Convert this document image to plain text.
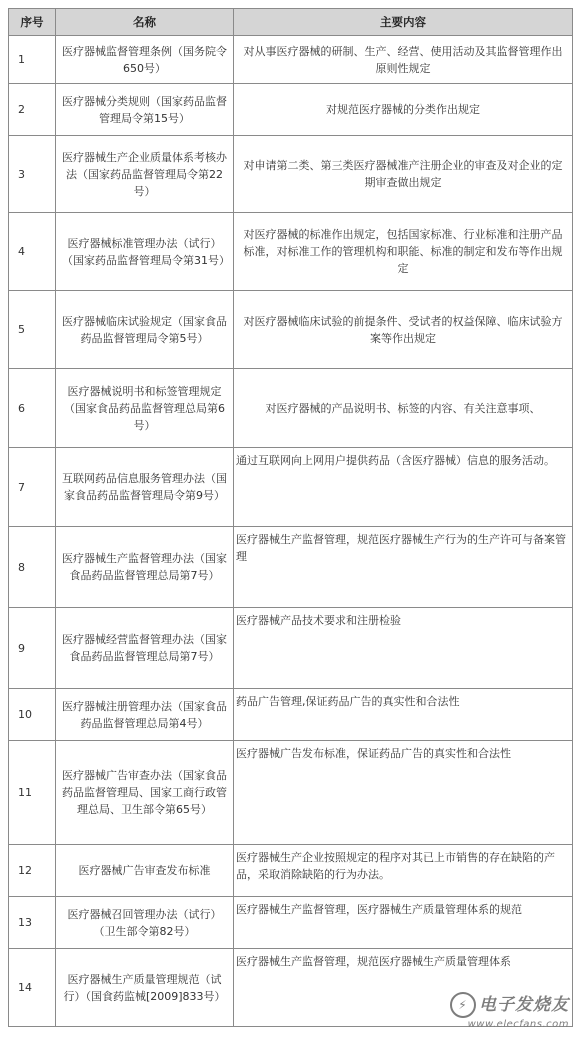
序号	名称	主要内容
1	医疗器械监督管理条例（国务院令650号）	对从事医疗器械的研制、生产、经营、使用活动及其监督管理作出原则性规定
2	医疗器械分类规则（国家药品监督管理局令第15号）	对规范医疗器械的分类作出规定
3	医疗器械生产企业质量体系考核办法（国家药品监督管理局令第22号）	对申请第二类、第三类医疗器械准产注册企业的审查及对企业的定期审查做出规定
4	医疗器械标准管理办法（试行）（国家药品监督管理局令第31号）	对医疗器械的标准作出规定，包括国家标准、行业标准和注册产品标准，对标准工作的管理机构和职能、标准的制定和发布等作出规定
5	医疗器械临床试验规定（国家食品药品监督管理局令第5号）	对医疗器械临床试验的前提条件、受试者的权益保障、临床试验方案等作出规定
6	医疗器械说明书和标签管理规定（国家食品药品监督管理总局第6号）	对医疗器械的产品说明书、标签的内容、有关注意事项、
7	互联网药品信息服务管理办法（国家食品药品监督管理局令第9号）	通过互联网向上网用户提供药品（含医疗器械）信息的服务活动。
8	医疗器械生产监督管理办法（国家食品药品监督管理总局第7号）	医疗器械生产监督管理，规范医疗器械生产行为的生产许可与备案管理
9	医疗器械经营监督管理办法（国家食品药品监督管理总局第7号）	医疗器械产品技术要求和注册检验
10	医疗器械注册管理办法（国家食品药品监督管理总局第4号）	药品广告管理,保证药品广告的真实性和合法性
11	医疗器械广告审查办法（国家食品药品监督管理局、国家工商行政管理总局、卫生部令第65号）	医疗器械广告发布标准，保证药品广告的真实性和合法性
12	医疗器械广告审查发布标准	医疗器械生产企业按照规定的程序对其已上市销售的存在缺陷的产品，采取消除缺陷的行为办法。
13	医疗器械召回管理办法（试行）（卫生部令第82号）	医疗器械生产监督管理，医疗器械生产质量管理体系的规范
14	医疗器械生产质量管理规范（试行）（国食药监械[2009]833号）	医疗器械生产监督管理，规范医疗器械生产质量管理体系
⚡ 电子发烧友
www.elecfans.com
